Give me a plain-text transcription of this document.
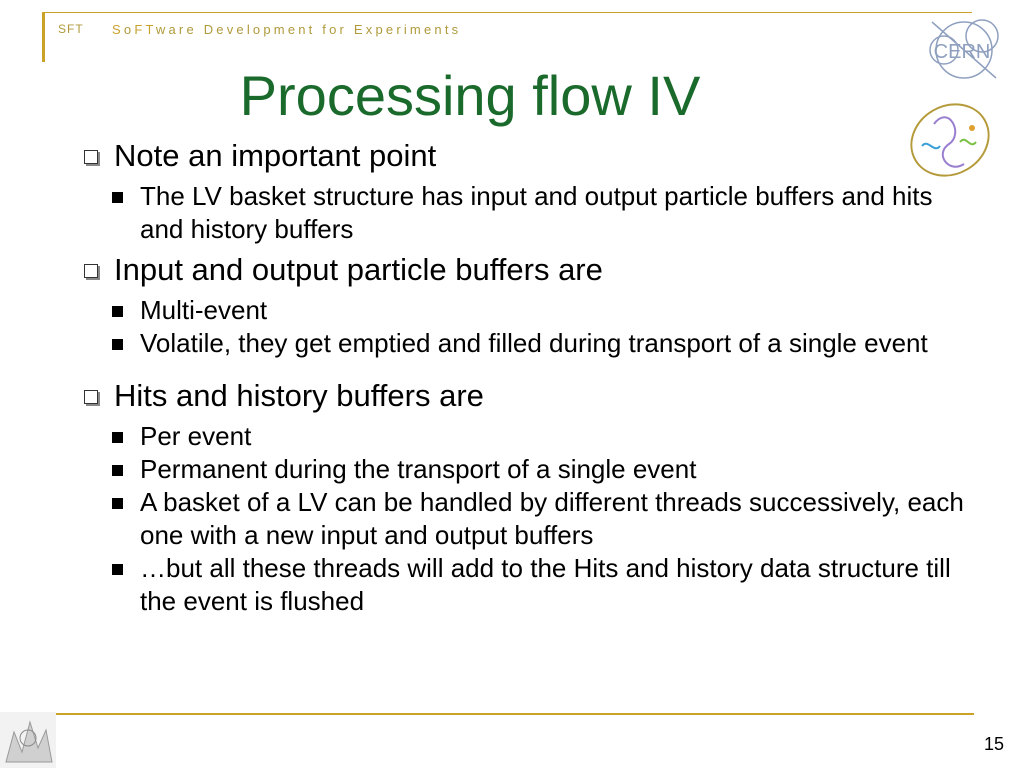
SFT SoFTware Development for Experiments
CERN
Processing flow IV
Note an important point
The LV basket structure has input and output particle buffers and hits and history buffers
Input and output particle buffers are
Multi-event
Volatile, they get emptied and filled during transport of a single event
Hits and history buffers are
Per event
Permanent during the transport of a single event
A basket of a LV can be handled by different threads successively, each one with a new input and output buffers
…but all these threads will add to the Hits and history data structure till the event is flushed
15
